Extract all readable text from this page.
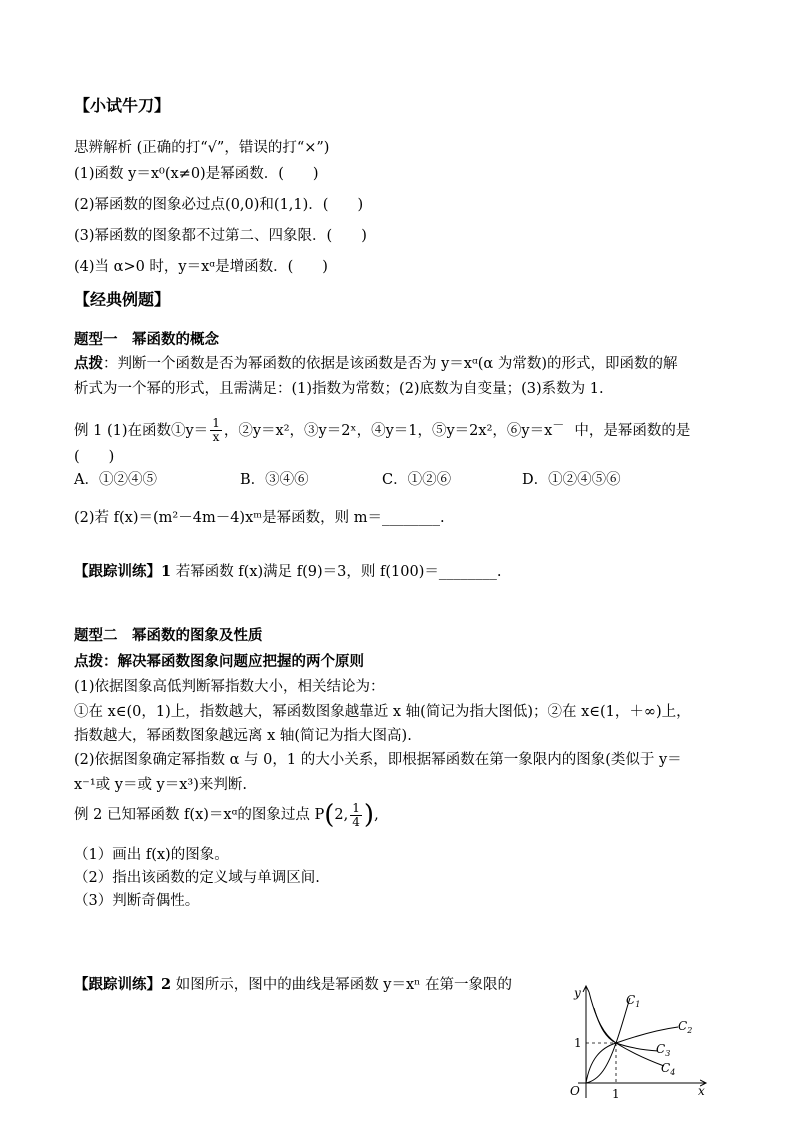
【小试牛刀】
思辨解析 (正确的打“√”，错误的打“×”)
(1)函数 y＝x⁰(x≠0)是幂函数．(　　)
(2)幂函数的图象必过点(0,0)和(1,1)．(　　)
(3)幂函数的图象都不过第二、四象限．(　　)
(4)当 α>0 时，y＝xᵅ是增函数．(　　)
【经典例题】
题型一　幂函数的概念
点拨：判断一个函数是否为幂函数的依据是该函数是否为 y＝xᵅ(α 为常数)的形式，即函数的解
析式为一个幂的形式，且需满足：(1)指数为常数；(2)底数为自变量；(3)系数为 1.
例 1 (1)在函数①y＝ $\frac{1}{x}$ ，②y＝x²，③y＝2ˣ，④y＝1，⑤y＝2x²，⑥y＝x－ 中，是幂函数的是
(　　)
A．①②④⑤	B．③④⑥	C．①②⑥	D．①②④⑤⑥
(2)若 f(x)＝(m²－4m－4)xᵐ是幂函数，则 m＝________.
【跟踪训练】1 若幂函数 f(x)满足 f(9)＝3，则 f(100)＝________.
题型二　幂函数的图象及性质
点拨：解决幂函数图象问题应把握的两个原则
(1)依据图象高低判断幂指数大小，相关结论为：
①在 x∈(0，1)上，指数越大，幂函数图象越靠近 x 轴(简记为指大图低)；②在 x∈(1，＋∞)上，
指数越大，幂函数图象越远离 x 轴(简记为指大图高).
(2)依据图象确定幂指数 α 与 0，1 的大小关系，即根据幂函数在第一象限内的图象(类似于 y＝
x⁻¹或 y＝或 y＝x³)来判断.
例 2 已知幂函数 f(x)＝xᵅ的图象过点 P(2, $\frac{1}{4}$ ),
（1）画出 f(x)的图象。
（2）指出该函数的定义域与单调区间.
（3）判断奇偶性。
【跟踪训练】2 如图所示，图中的曲线是幂函数 y＝xⁿ 在第一象限的	y
x
O	1
1
$C_1$
$C_2$
$C_3$
$C_4$
